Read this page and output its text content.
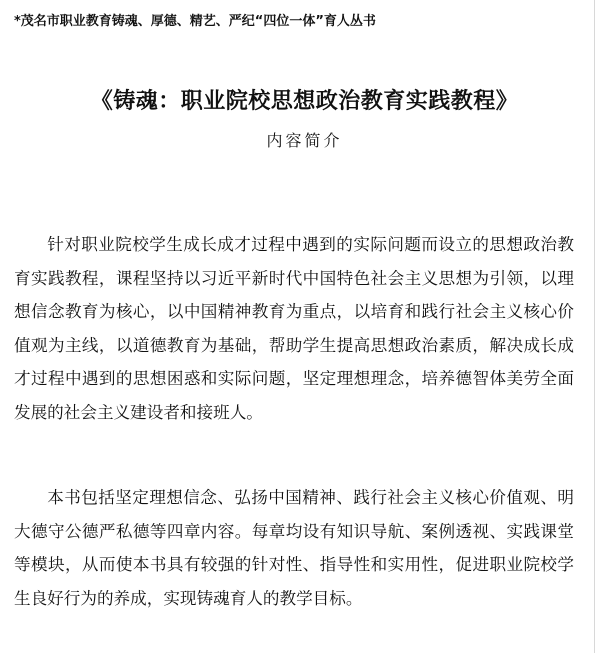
*茂名市职业教育铸魂、厚德、精艺、严纪“四位一体”育人丛书
《铸魂：职业院校思想政治教育实践教程》
内容简介

针对职业院校学生成长成才过程中遇到的实际问题而设立的思想政治教育实践教程，课程坚持以习近平新时代中国特色社会主义思想为引领，以理想信念教育为核心，以中国精神教育为重点，以培育和践行社会主义核心价值观为主线，以道德教育为基础，帮助学生提高思想政治素质，解决成长成才过程中遇到的思想困惑和实际问题，坚定理想理念，培养德智体美劳全面发展的社会主义建设者和接班人。

本书包括坚定理想信念、弘扬中国精神、践行社会主义核心价值观、明大德守公德严私德等四章内容。每章均设有知识导航、案例透视、实践课堂等模块，从而使本书具有较强的针对性、指导性和实用性，促进职业院校学生良好行为的养成，实现铸魂育人的教学目标。
